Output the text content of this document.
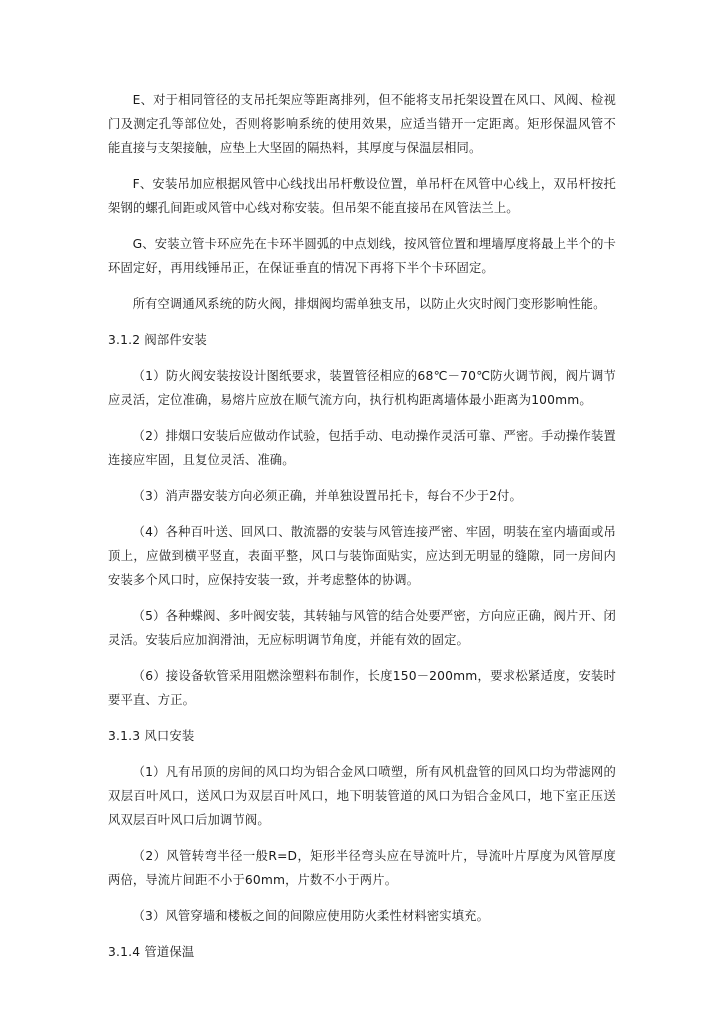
E、对于相同管径的支吊托架应等距离排列，但不能将支吊托架设置在风口、风阀、检视门及测定孔等部位处，否则将影响系统的使用效果，应适当错开一定距离。矩形保温风管不能直接与支架接触，应垫上大坚固的隔热料，其厚度与保温层相同。

F、安装吊加应根据风管中心线找出吊杆敷设位置，单吊杆在风管中心线上，双吊杆按托架钢的螺孔间距或风管中心线对称安装。但吊架不能直接吊在风管法兰上。

G、安装立管卡环应先在卡环半圆弧的中点划线，按风管位置和埋墙厚度将最上半个的卡环固定好，再用线锤吊正，在保证垂直的情况下再将下半个卡环固定。

所有空调通风系统的防火阀，排烟阀均需单独支吊，以防止火灾时阀门变形影响性能。

3.1.2 阀部件安装

（1）防火阀安装按设计图纸要求，装置管径相应的68℃－70℃防火调节阀，阀片调节应灵活，定位准确，易熔片应放在顺气流方向，执行机构距离墙体最小距离为100mm。

（2）排烟口安装后应做动作试验，包括手动、电动操作灵活可靠、严密。手动操作装置连接应牢固，且复位灵活、准确。

（3）消声器安装方向必须正确，并单独设置吊托卡，每台不少于2付。

（4）各种百叶送、回风口、散流器的安装与风管连接严密、牢固，明装在室内墙面或吊顶上，应做到横平竖直，表面平整，风口与装饰面贴实，应达到无明显的缝隙，同一房间内安装多个风口时，应保持安装一致，并考虑整体的协调。

（5）各种蝶阀、多叶阀安装，其转轴与风管的结合处要严密，方向应正确，阀片开、闭灵活。安装后应加润滑油，无应标明调节角度，并能有效的固定。

（6）接设备软管采用阻燃涂塑料布制作，长度150－200mm，要求松紧适度，安装时要平直、方正。

3.1.3 风口安装

（1）凡有吊顶的房间的风口均为铝合金风口喷塑，所有风机盘管的回风口均为带滤网的双层百叶风口，送风口为双层百叶风口，地下明装管道的风口为铝合金风口，地下室正压送风双层百叶风口后加调节阀。

（2）风管转弯半径一般R=D，矩形半径弯头应在导流叶片，导流叶片厚度为风管厚度两倍，导流片间距不小于60mm，片数不小于两片。

（3）风管穿墙和楼板之间的间隙应使用防火柔性材料密实填充。

3.1.4 管道保温
